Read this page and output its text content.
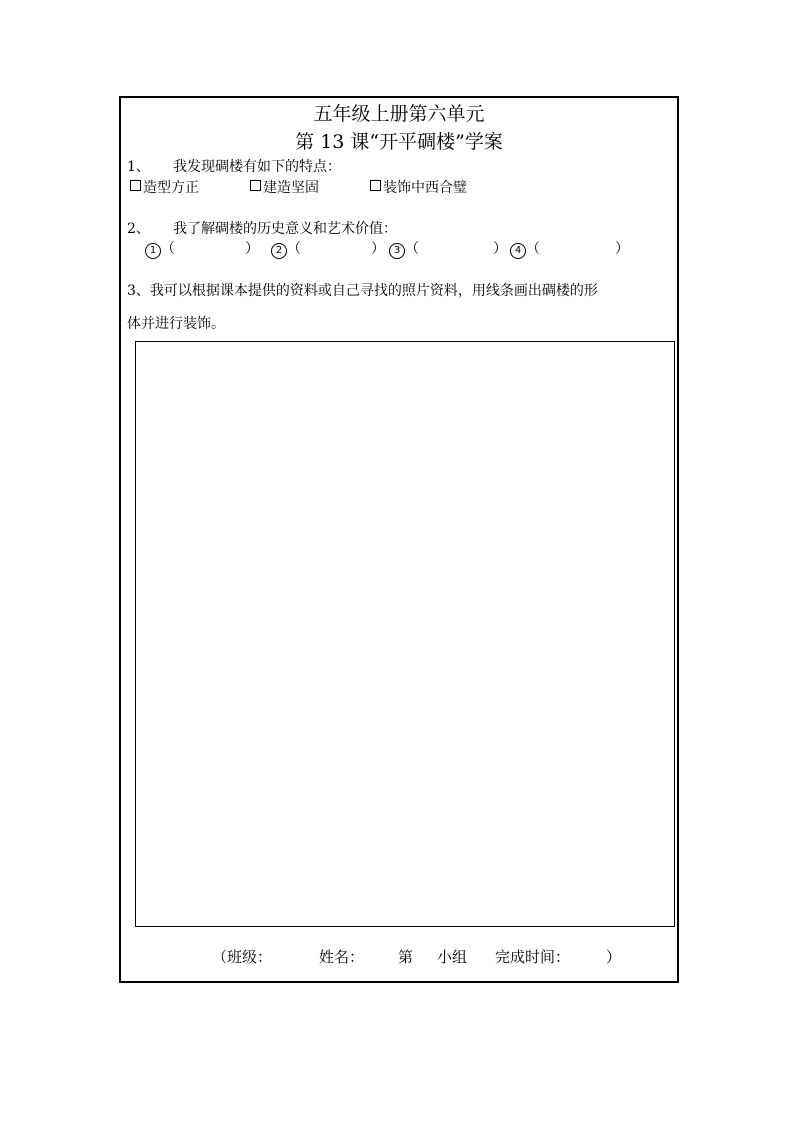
五年级上册第六单元
第 13 课“开平碉楼”学案
1、 我发现碉楼有如下的特点：
造型方正	建造坚固	装饰中西合璧
2、 我了解碉楼的历史意义和艺术价值：
1 （	）	2 （	） 3 （	） 4 （	）
3、我可以根据课本提供的资料或自己寻找的照片资料，用线条画出碉楼的形
体并进行装饰。
（班级：	姓名： 第 小组 完成时间： ）
